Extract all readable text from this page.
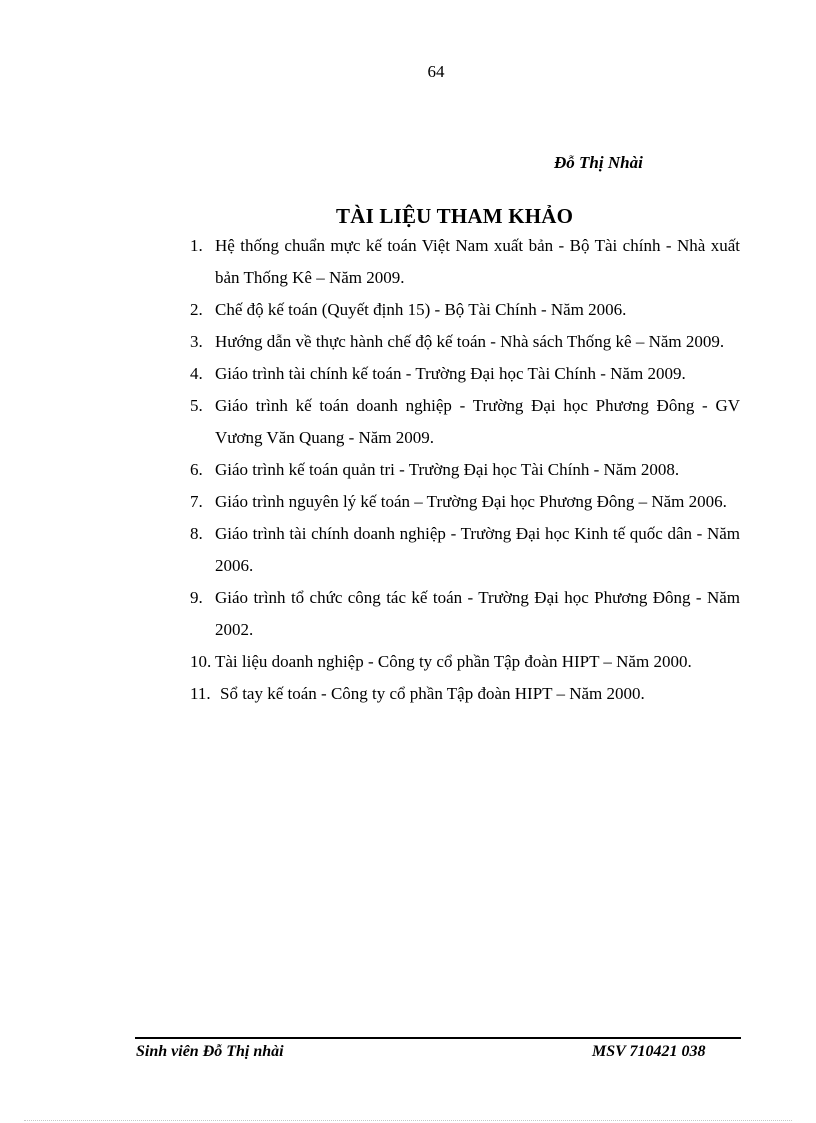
64
Đỗ Thị Nhài
TÀI LIỆU THAM KHẢO
1. Hệ thống chuẩn mực kế toán Việt Nam xuất bản - Bộ Tài chính - Nhà xuất bản Thống Kê – Năm 2009.
2. Chế độ kế toán (Quyết định 15) - Bộ Tài Chính - Năm 2006.
3. Hướng dẫn về thực hành chế độ kế toán - Nhà sách Thống kê – Năm 2009.
4. Giáo trình tài chính kế toán - Trường Đại học Tài Chính - Năm 2009.
5. Giáo trình kế toán doanh nghiệp - Trường Đại học Phương Đông - GV Vương Văn Quang - Năm 2009.
6. Giáo trình kế toán quản tri - Trường Đại học Tài Chính - Năm 2008.
7. Giáo trình nguyên lý kế toán – Trường Đại học Phương Đông – Năm 2006.
8. Giáo trình tài chính doanh nghiệp - Trường Đại học Kinh tế quốc dân - Năm 2006.
9. Giáo trình tổ chức công tác kế toán - Trường Đại học Phương Đông - Năm 2002.
10. Tài liệu doanh nghiệp - Công ty cổ phần Tập đoàn HIPT – Năm 2000.
11. Sổ tay kế toán - Công ty cổ phần Tập đoàn HIPT – Năm 2000.
Sinh viên Đỗ Thị nhài	MSV 710421 038
